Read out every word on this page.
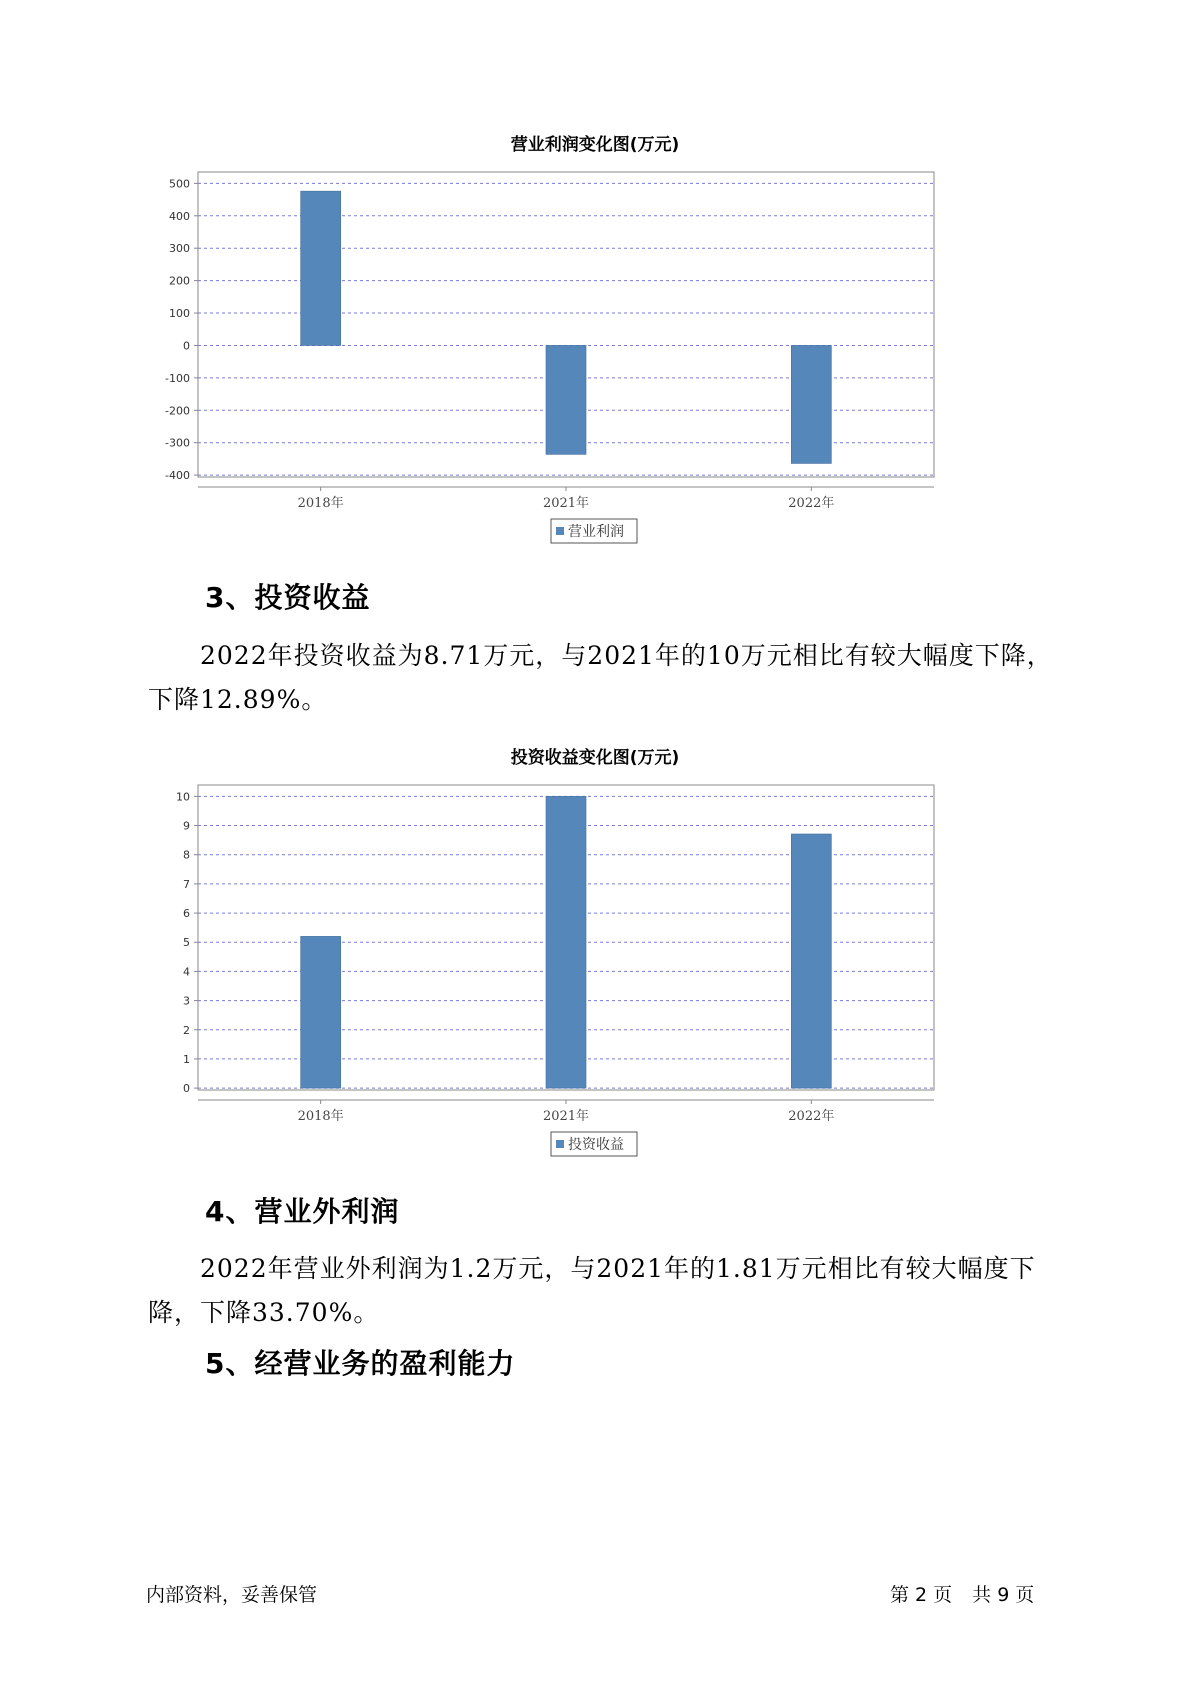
营业利润变化图(万元)
-400
-300
-200
-100
0
100
200
300
400
500
2018年	2021年	2022年
营业利润
3、投资收益

2022年投资收益为8.71万元，与2021年的10万元相比有较大幅度下降，下降12.89%。

投资收益变化图(万元)
0
1
2
3
4
5
6
7
8
9
10
2018年	2021年	2022年
投资收益
4、营业外利润

2022年营业外利润为1.2万元，与2021年的1.81万元相比有较大幅度下降，下降33.70%。

5、经营业务的盈利能力
内部资料，妥善保管	第 2 页 共 9 页
